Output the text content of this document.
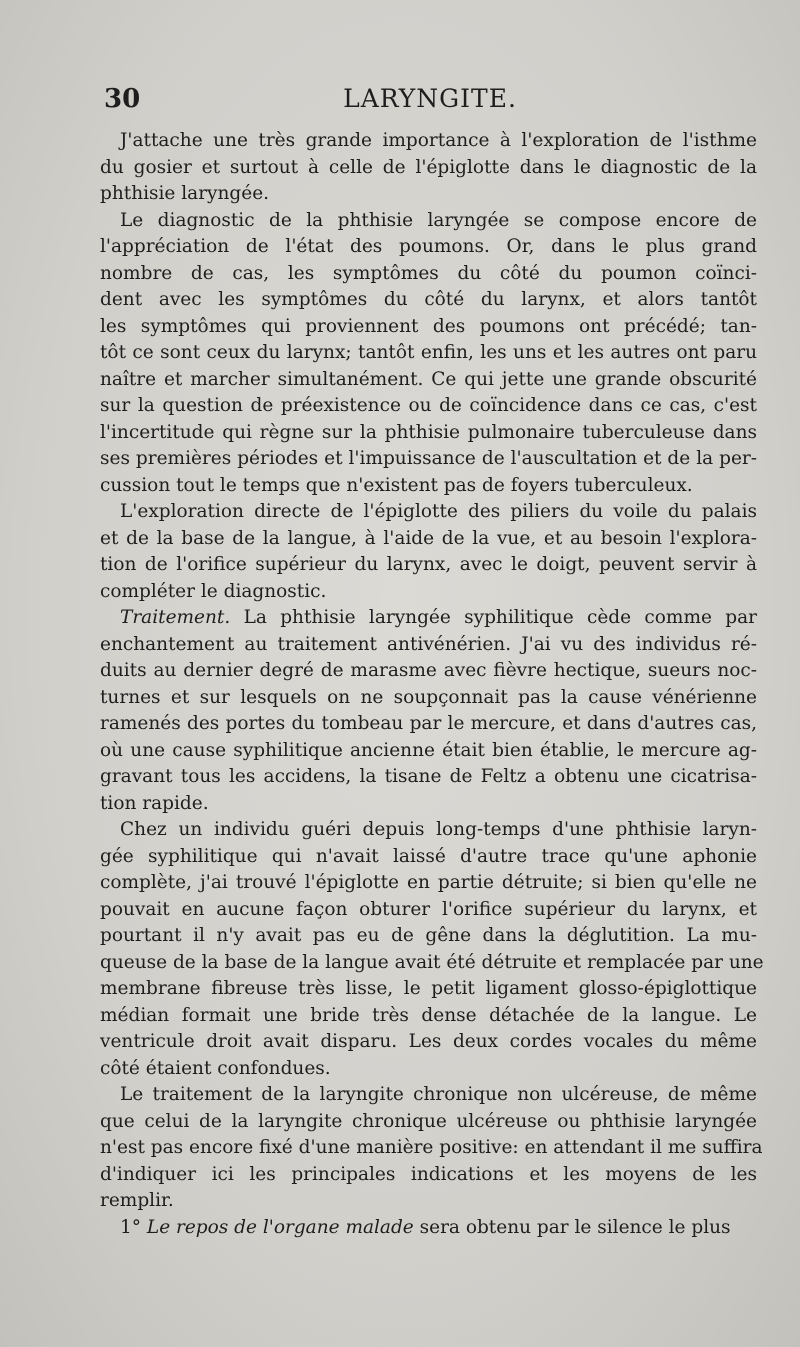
30	LARYNGITE.
J'attache une très grande importance à l'exploration de l'isthme
du gosier et surtout à celle de l'épiglotte dans le diagnostic de la
phthisie laryngée.
Le diagnostic de la phthisie laryngée se compose encore de
l'appréciation de l'état des poumons. Or, dans le plus grand
nombre de cas, les symptômes du côté du poumon coïnci-
dent avec les symptômes du côté du larynx, et alors tantôt
les symptômes qui proviennent des poumons ont précédé; tan-
tôt ce sont ceux du larynx; tantôt enfin, les uns et les autres ont paru
naître et marcher simultanément. Ce qui jette une grande obscurité
sur la question de préexistence ou de coïncidence dans ce cas, c'est
l'incertitude qui règne sur la phthisie pulmonaire tuberculeuse dans
ses premières périodes et l'impuissance de l'auscultation et de la per-
cussion tout le temps que n'existent pas de foyers tuberculeux.
L'exploration directe de l'épiglotte des piliers du voile du palais
et de la base de la langue, à l'aide de la vue, et au besoin l'explora-
tion de l'orifice supérieur du larynx, avec le doigt, peuvent servir à
compléter le diagnostic.
Traitement. La phthisie laryngée syphilitique cède comme par
enchantement au traitement antivénérien. J'ai vu des individus ré-
duits au dernier degré de marasme avec fièvre hectique, sueurs noc-
turnes et sur lesquels on ne soupçonnait pas la cause vénérienne
ramenés des portes du tombeau par le mercure, et dans d'autres cas,
où une cause syphilitique ancienne était bien établie, le mercure ag-
gravant tous les accidens, la tisane de Feltz a obtenu une cicatrisa-
tion rapide.
Chez un individu guéri depuis long-temps d'une phthisie laryn-
gée syphilitique qui n'avait laissé d'autre trace qu'une aphonie
complète, j'ai trouvé l'épiglotte en partie détruite; si bien qu'elle ne
pouvait en aucune façon obturer l'orifice supérieur du larynx, et
pourtant il n'y avait pas eu de gêne dans la déglutition. La mu-
queuse de la base de la langue avait été détruite et remplacée par une
membrane fibreuse très lisse, le petit ligament glosso-épiglottique
médian formait une bride très dense détachée de la langue. Le
ventricule droit avait disparu. Les deux cordes vocales du même
côté étaient confondues.
Le traitement de la laryngite chronique non ulcéreuse, de même
que celui de la laryngite chronique ulcéreuse ou phthisie laryngée
n'est pas encore fixé d'une manière positive: en attendant il me suffira
d'indiquer ici les principales indications et les moyens de les
remplir.
1° Le repos de l'organe malade sera obtenu par le silence le plus
